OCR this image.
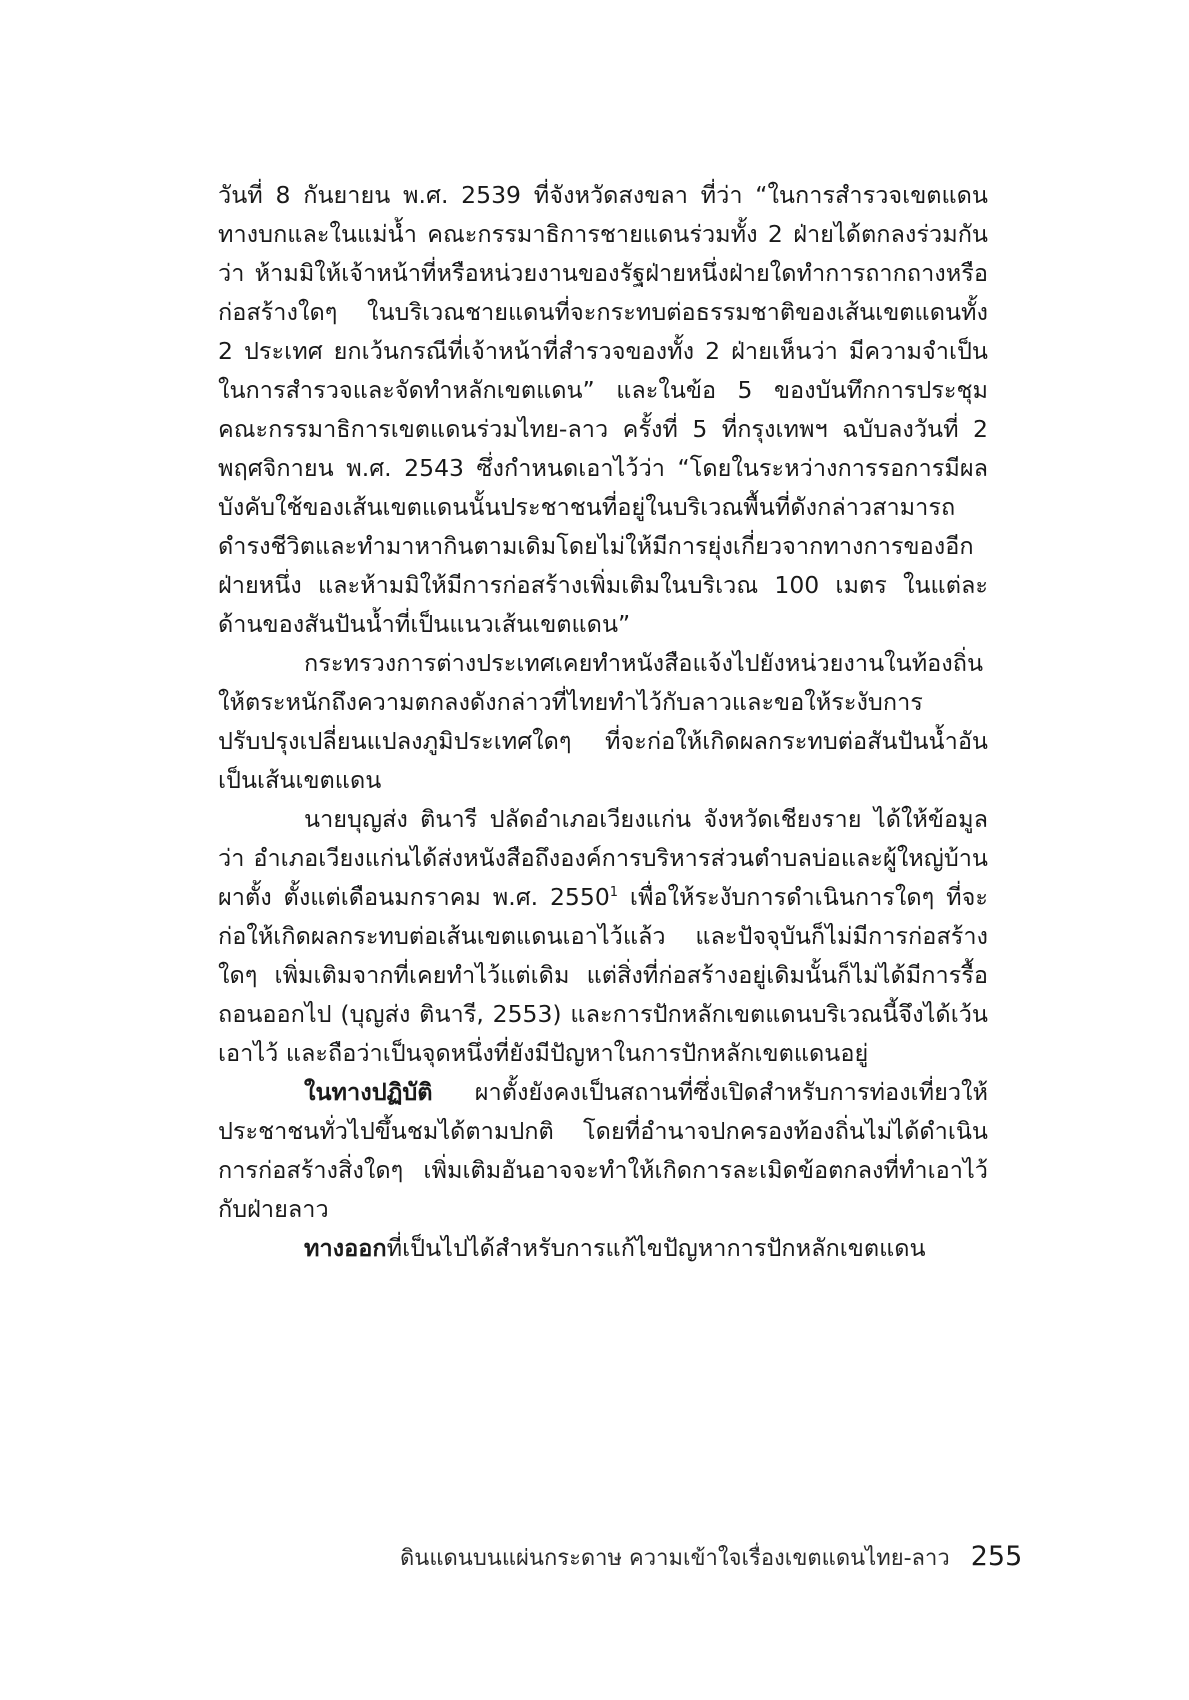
วันที่ 8 กันยายน พ.ศ. 2539 ที่จังหวัดสงขลา ที่ว่า “ในการสำรวจเขตแดนทางบกและในแม่น้ำ คณะกรรมาธิการชายแดนร่วมทั้ง 2 ฝ่ายได้ตกลงร่วมกันว่า ห้ามมิให้เจ้าหน้าที่หรือหน่วยงานของรัฐฝ่ายหนึ่งฝ่ายใดทำการถากถางหรือก่อสร้างใดๆ ในบริเวณชายแดนที่จะกระทบต่อธรรมชาติของเส้นเขตแดนทั้ง 2 ประเทศ ยกเว้นกรณีที่เจ้าหน้าที่สำรวจของทั้ง 2 ฝ่ายเห็นว่า มีความจำเป็นในการสำรวจและจัดทำหลักเขตแดน” และในข้อ 5 ของบันทึกการประชุมคณะกรรมาธิการเขตแดนร่วมไทย-ลาว ครั้งที่ 5 ที่กรุงเทพฯ ฉบับลงวันที่ 2 พฤศจิกายน พ.ศ. 2543 ซึ่งกำหนดเอาไว้ว่า “โดยในระหว่างการรอการมีผลบังคับใช้ของเส้นเขตแดนนั้นประชาชนที่อยู่ในบริเวณพื้นที่ดังกล่าวสามารถดำรงชีวิตและทำมาหากินตามเดิมโดยไม่ให้มีการยุ่งเกี่ยวจากทางการของอีกฝ่ายหนึ่ง และห้ามมิให้มีการก่อสร้างเพิ่มเติมในบริเวณ 100 เมตร ในแต่ละด้านของสันปันน้ำที่เป็นแนวเส้นเขตแดน”

กระทรวงการต่างประเทศเคยทำหนังสือแจ้งไปยังหน่วยงานในท้องถิ่นให้ตระหนักถึงความตกลงดังกล่าวที่ไทยทำไว้กับลาวและขอให้ระงับการปรับปรุงเปลี่ยนแปลงภูมิประเทศใดๆ ที่จะก่อให้เกิดผลกระทบต่อสันปันน้ำอันเป็นเส้นเขตแดน

นายบุญส่ง ตินารี ปลัดอำเภอเวียงแก่น จังหวัดเชียงราย ได้ให้ข้อมูลว่า อำเภอเวียงแก่นได้ส่งหนังสือถึงองค์การบริหารส่วนตำบลบ่อและผู้ใหญ่บ้านผาตั้ง ตั้งแต่เดือนมกราคม พ.ศ. 2550$^1$ เพื่อให้ระงับการดำเนินการใดๆ ที่จะก่อให้เกิดผลกระทบต่อเส้นเขตแดนเอาไว้แล้ว และปัจจุบันก็ไม่มีการก่อสร้างใดๆ เพิ่มเติมจากที่เคยทำไว้แต่เดิม แต่สิ่งที่ก่อสร้างอยู่เดิมนั้นก็ไม่ได้มีการรื้อถอนออกไป (บุญส่ง ตินารี, 2553) และการปักหลักเขตแดนบริเวณนี้จึงได้เว้นเอาไว้ และถือว่าเป็นจุดหนึ่งที่ยังมีปัญหาในการปักหลักเขตแดนอยู่

ในทางปฏิบัติ ผาตั้งยังคงเป็นสถานที่ซึ่งเปิดสำหรับการท่องเที่ยวให้ประชาชนทั่วไปขึ้นชมได้ตามปกติ โดยที่อำนาจปกครองท้องถิ่นไม่ได้ดำเนินการก่อสร้างสิ่งใดๆ เพิ่มเติมอันอาจจะทำให้เกิดการละเมิดข้อตกลงที่ทำเอาไว้กับฝ่ายลาว

ทางออกที่เป็นไปได้สำหรับการแก้ไขปัญหาการปักหลักเขตแดน

ดินแดนบนแผ่นกระดาษ ความเข้าใจเรื่องเขตแดนไทย-ลาว 255
